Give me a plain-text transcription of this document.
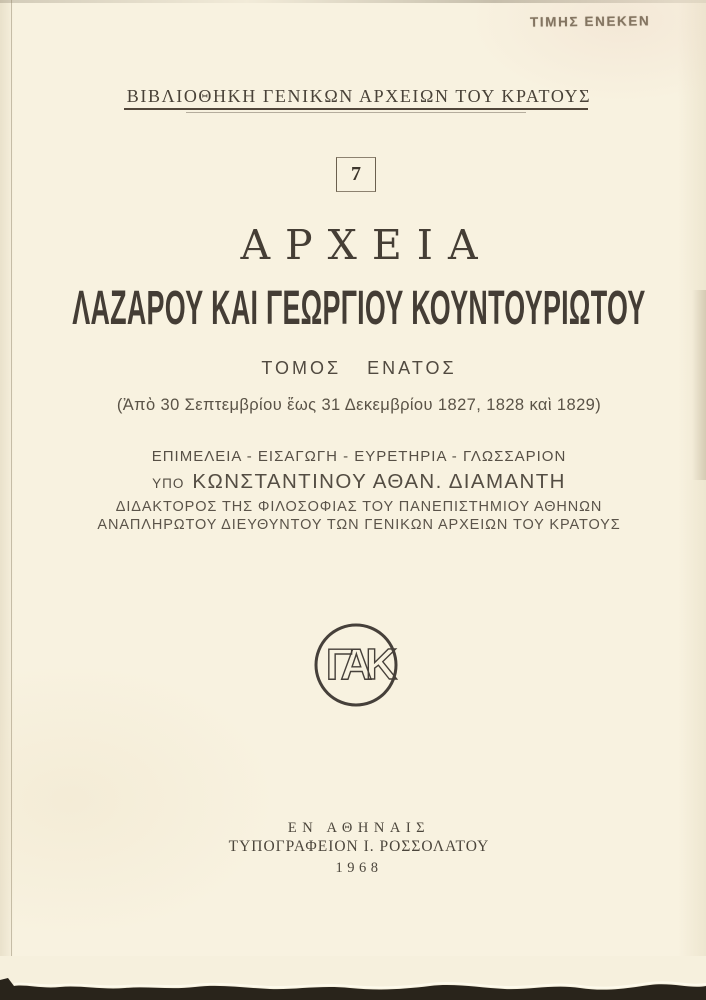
ΤΙΜΗΣ ΕΝΕΚΕΝ
ΒΙΒΛΙΟΘΗΚΗ ΓΕΝΙΚΩΝ ΑΡΧΕΙΩΝ ΤΟΥ ΚΡΑΤΟΥΣ
7
ΑΡΧΕΙΑ
ΛΑΖΑΡΟΥ ΚΑΙ ΓΕΩΡΓΙΟΥ ΚΟΥΝΤΟΥΡΙΩΤΟΥ
ΤΟΜΟΣ ΕΝΑΤΟΣ
(Ἀπὸ 30 Σεπτεμβρίου ἕως 31 Δεκεμβρίου 1827, 1828 καὶ 1829)
ΕΠΙΜΕΛΕΙΑ - ΕΙΣΑΓΩΓΗ - ΕΥΡΕΤΗΡΙΑ - ΓΛΩΣΣΑΡΙΟΝ
ΥΠΟ ΚΩΝΣΤΑΝΤΙΝΟΥ ΑΘΑΝ. ΔΙΑΜΑΝΤΗ
ΔΙΔΑΚΤΟΡΟΣ ΤΗΣ ΦΙΛΟΣΟΦΙΑΣ ΤΟΥ ΠΑΝΕΠΙΣΤΗΜΙΟΥ ΑΘΗΝΩΝ
ΑΝΑΠΛΗΡΩΤΟΥ ΔΙΕΥΘΥΝΤΟΥ ΤΩΝ ΓΕΝΙΚΩΝ ΑΡΧΕΙΩΝ ΤΟΥ ΚΡΑΤΟΥΣ
ΓΑΚ
ΕΝ ΑΘΗΝΑΙΣ
ΤΥΠΟΓΡΑΦΕΙΟΝ Ι. ΡΟΣΣΟΛΑΤΟΥ
1968
